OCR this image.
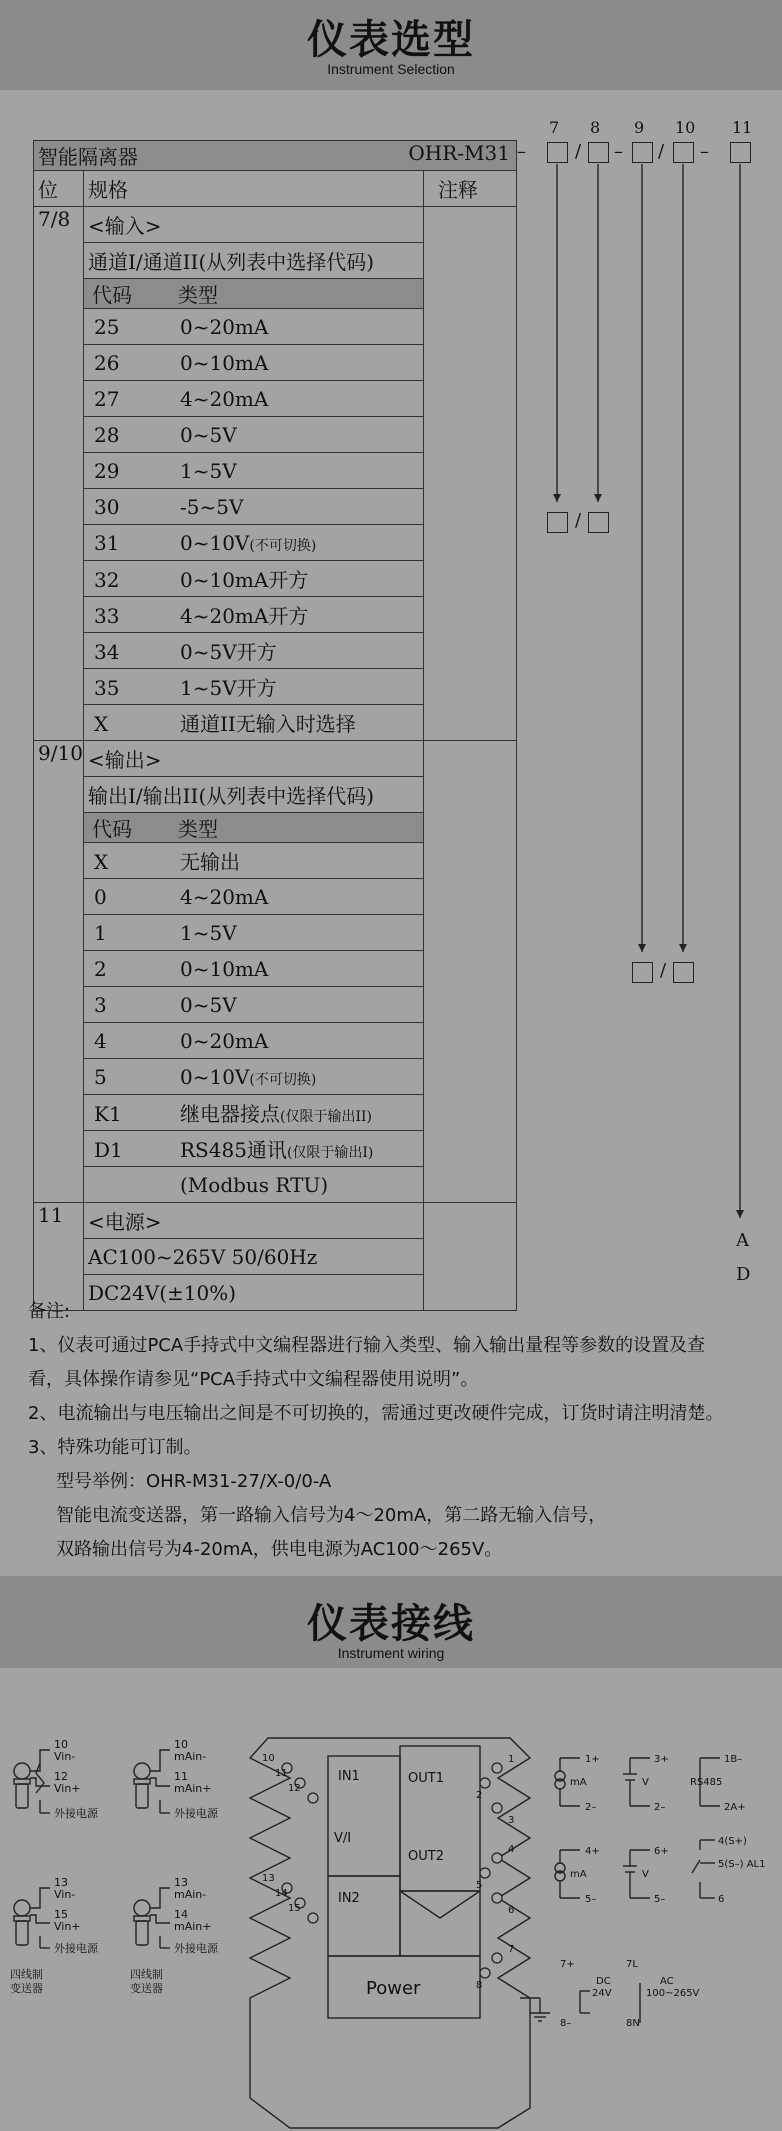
仪表选型
Instrument Selection
智能隔离器 OHR-M31		

位	规格	注释
7/8	<输入>	
	通道I/通道II(从列表中选择代码)	
	代码 类型	
	25 0~20mA	
	26 0~10mA	
	27 4~20mA	
	28 0~5V	
	29 1~5V	
	30 -5~5V	
	31 0~10V(不可切换)	
	32 0~10mA开方	
	33 4~20mA开方	
	34 0~5V开方	
	35 1~5V开方	
	X 通道II无输入时选择	
9/10	<输出>	
	输出I/输出II(从列表中选择代码)	
	代码 类型	
	X 无输出	
	0 4~20mA	
	1 1~5V	
	2 0~10mA	
	3 0~5V	
	4 0~20mA	
	5 0~10V(不可切换)	
	K1 继电器接点(仅限于输出II)	
	D1 RS485通讯(仅限于输出I)	
	(Modbus RTU)	
11	<电源>	
	AC100~265V 50/60Hz	
	DC24V(±10%)	
7 8 9 10 11
–	/ – / –
/
/
A
D

备注:

1、仪表可通过PCA手持式中文编程器进行输入类型、输入输出量程等参数的设置及查

看，具体操作请参见“PCA手持式中文编程器使用说明”。

2、电流输出与电压输出之间是不可切换的，需通过更改硬件完成，订货时请注明清楚。

3、特殊功能可订制。

型号举例：OHR-M31-27/X-0/0-A

智能电流变送器，第一路输入信号为4～20mA，第二路无输入信号，

双路输出信号为4-20mA，供电电源为AC100～265V。

仪表接线
Instrument wiring
10
Vin-
12
Vin+
外接电源
10
mAin-
11
mAin+
外接电源
13
Vin-
15
Vin+
外接电源
13
mAin-
14
mAin+
外接电源
四线制
变送器
四线制
变送器
10
11
12
13
14
15
1
2
3
4
5
6
7
8
IN1
V/I
IN2
OUT1
OUT2
Power
1+
mA
2–
3+
V
2–
1B–
RS485
2A+
4+
mA
5–
6+
V
5–
4(S+)
5(S–) AL1
6
7+
DC
24V
8–
7L
AC
100~265V
8N
